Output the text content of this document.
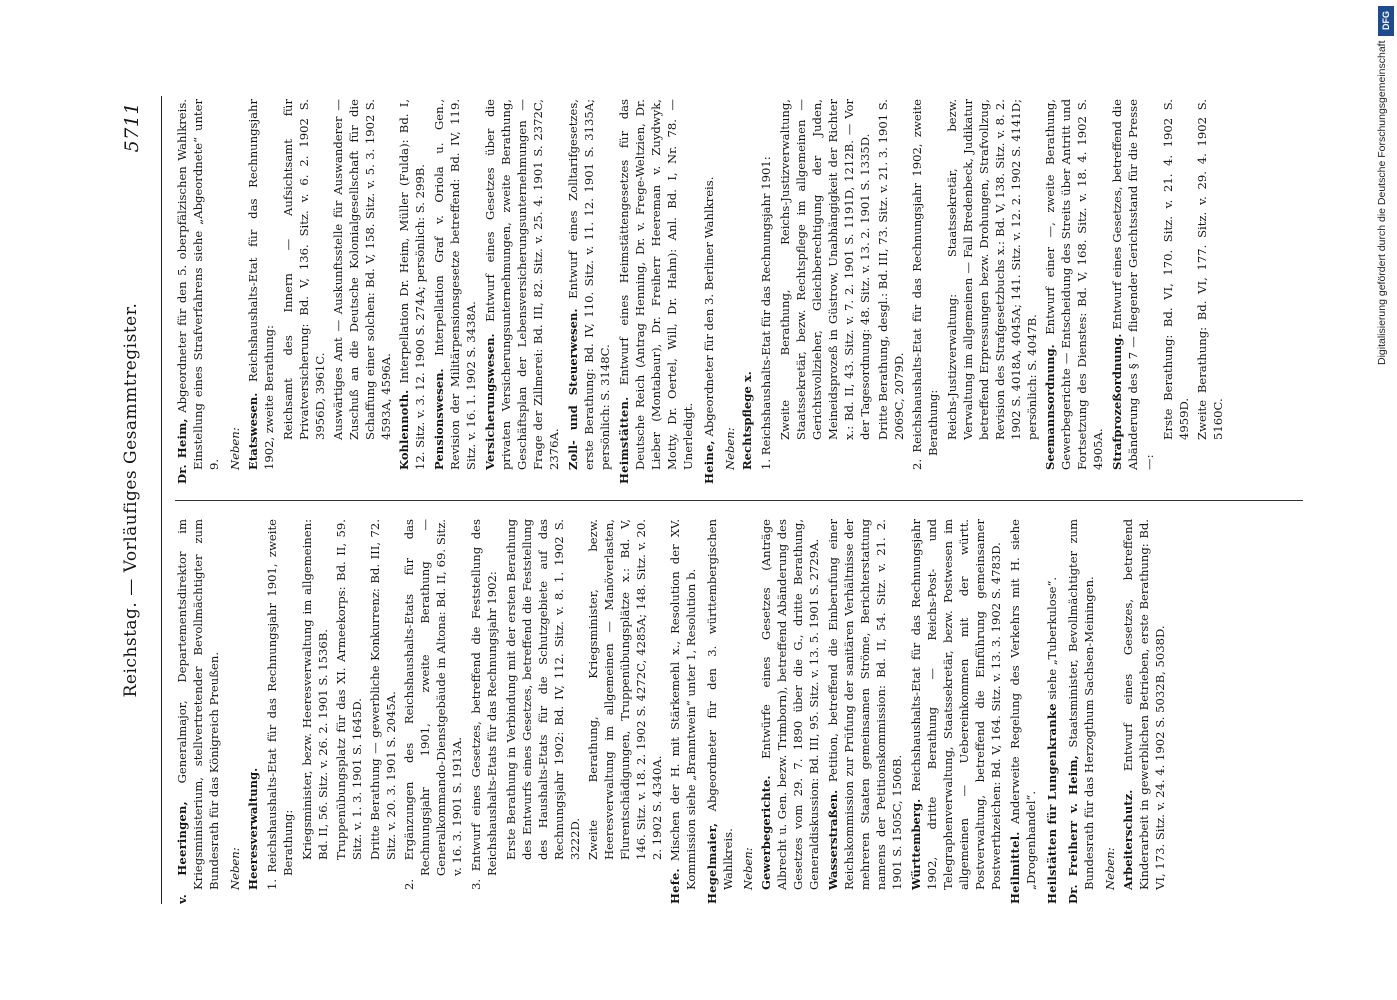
Reichstag. — Vorläufiges Gesammtregister.
5711
v. Heeringen, Generalmajor, Departementsdirektor im Kriegsministerium, stellvertretender Bevollmächtigter zum Bundesrath für das Königreich Preußen. Neben: Heeresverwaltung. 1. Reichshaushalts-Etat für das Rechnungsjahr 1901, zweite Berathung: Kriegsminister, bezw. Heeresverwaltung im allgemeinen: Bd. II, 56. Sitz. v. 26. 2. 1901 S. 1536B. Truppenübungsplatz für das XI. Armeekorps: Bd. II, 59. Sitz. v. 1. 3. 1901 S. 1645D. Dritte Berathung — gewerbliche Konkurrenz: Bd. III, 72. Sitz. v. 20. 3. 1901 S. 2045A. 2. Ergänzungen des Reichshaushalts-Etats für das Rechnungsjahr 1901, zweite Berathung — Generalkommando-Dienstgebäude in Altona: Bd. II, 69. Sitz. v. 16. 3. 1901 S. 1913A. 3. Entwurf eines Gesetzes, betreffend die Feststellung des Reichshaushalts-Etats für das Rechnungsjahr 1902: Erste Berathung in Verbindung mit der ersten Berathung des Entwurfs eines Gesetzes, betreffend die Feststellung des Haushalts-Etats für die Schutzgebiete auf das Rechnungsjahr 1902: Bd. IV, 112. Sitz. v. 8. 1. 1902 S. 3222D. Zweite Berathung, Kriegsminister, bezw. Heeresverwaltung im allgemeinen — Manöverlasten, Flurentschädigungen, Truppenübungsplätze x.: Bd. V, 146. Sitz. v. 18. 2. 1902 S. 4272C, 4285A; 148. Sitz. v. 20. 2. 1902 S. 4340A.
Hefe. Mischen der H. mit Stärkemehl x., Resolution der XV. Kommission siehe „Branntwein“ unter 1, Resolution b. Hegelmaier, Abgeordneter für den 3. württembergischen Wahlkreis. Neben: Gewerbegerichte. Entwürfe eines Gesetzes (Anträge Albrecht u. Gen. bezw. Trimborn), betreffend Abänderung des Gesetzes vom 29. 7. 1890 über die G., dritte Berathung, Generaldiskussion: Bd. III, 95. Sitz. v. 13. 5. 1901 S. 2729A. Wasserstraßen. Petition, betreffend die Einberufung einer Reichskommission zur Prüfung der sanitären Verhältnisse der mehreren Staaten gemeinsamen Ströme, Berichterstattung namens der Petitionskommission: Bd. II, 54. Sitz. v. 21. 2. 1901 S. 1505C, 1506B. Württemberg. Reichshaushalts-Etat für das Rechnungsjahr 1902, dritte Berathung — Reichs-Post- und Telegraphenverwaltung, Staatssekretär, bezw. Postwesen im allgemeinen — Uebereinkommen mit der württ. Postverwaltung, betreffend die Einführung gemeinsamer Postwerthzeichen: Bd. V, 164. Sitz. v. 13. 3. 1902 S. 4783D. Heilmittel. Anderweite Regelung des Verkehrs mit H. siehe „Drogenhandel“. Heilstätten für Lungenkranke siehe „Tuberkulose“.
Dr. Freiherr v. Heim, Staatsminister, Bevollmächtigter zum Bundesrath für das Herzogthum Sachsen-Meiningen. Neben: Arbeiterschutz. Entwurf eines Gesetzes, betreffend Kinderarbeit in gewerblichen Betrieben, erste Berathung: Bd. VI, 173. Sitz. v. 24. 4. 1902 S. 5032B, 5038D.
Dr. Heim, Abgeordneter für den 5. oberpfälzischen Wahlkreis. Einstellung eines Strafverfahrens siehe „Abgeordnete“ unter 9. Neben: Etatswesen. Reichshaushalts-Etat für das Rechnungsjahr 1902, zweite Berathung: Reichsamt des Innern — Aufsichtsamt für Privatversicherung: Bd. V, 136. Sitz. v. 6. 2. 1902 S. 3956D, 3961C. Auswärtiges Amt — Auskunftsstelle für Auswanderer — Zuschuß an die Deutsche Kolonialgesellschaft für die Schaffung einer solchen: Bd. V, 158. Sitz. v. 5. 3. 1902 S. 4593A, 4596A. Kohlennoth. Interpellation Dr. Heim, Müller (Fulda): Bd. I, 12. Sitz. v. 3. 12. 1900 S. 274A; persönlich: S. 299B. Pensionswesen. Interpellation Graf v. Oriola u. Gen., Revision der Militärpensionsgesetze betreffend: Bd. IV, 119. Sitz. v. 16. 1. 1902 S. 3438A. Versicherungswesen. Entwurf eines Gesetzes über die privaten Versicherungsunternehmungen, zweite Berathung, Geschäftsplan der Lebensversicherungsunternehmungen — Frage der Zillmerei: Bd. III, 82. Sitz. v. 25. 4. 1901 S. 2372C, 2376A. Zoll- und Steuerwesen. Entwurf eines Zolltarifgesetzes, erste Berathung: Bd. IV, 110. Sitz. v. 11. 12. 1901 S. 3135A; persönlich: S. 3148C. Heimstätten. Entwurf eines Heimstättengesetzes für das Deutsche Reich (Antrag Henning, Dr. v. Frege-Weltzien, Dr. Lieber (Montabaur), Dr. Freiherr Heereman v. Zuydwyk, Motty, Dr. Oertel, Will, Dr. Hahn): Anl. Bd. I, Nr. 78. — Unerledigt. Heine, Abgeordneter für den 3. Berliner Wahlkreis.
Neben: Rechtspflege x. 1. Reichshaushalts-Etat für das Rechnungsjahr 1901: Zweite Berathung, Reichs-Justizverwaltung, Staatssekretär, bezw. Rechtspflege im allgemeinen — Gerichtsvollzieher, Gleichberechtigung der Juden, Meineidsprozeß in Güstrow, Unabhängigkeit der Richter x.: Bd. II, 43. Sitz. v. 7. 2. 1901 S. 1191D, 1212B. — Vor der Tagesordnung: 48. Sitz. v. 13. 2. 1901 S. 1335D. Dritte Berathung, desgl.: Bd. III, 73. Sitz. v. 21. 3. 1901 S. 2069C, 2079D. 2. Reichshaushalts-Etat für das Rechnungsjahr 1902, zweite Berathung: Reichs-Justizverwaltung: Staatssekretär, bezw. Verwaltung im allgemeinen — Fall Bredenbeck, Judikatur betreffend Erpressungen bezw. Drohungen, Strafvollzug, Revision des Strafgesetzbuchs x.: Bd. V, 138. Sitz. v. 8. 2. 1902 S. 4018A, 4045A; 141. Sitz. v. 12. 2. 1902 S. 4141D; persönlich: S. 4047B. Seemannsordnung. Entwurf einer —, zweite Berathung, Gewerbegerichte — Entscheidung des Streits über Antritt und Fortsetzung des Dienstes: Bd. V, 168. Sitz. v. 18. 4. 1902 S. 4905A. Strafprozeßordnung. Entwurf eines Gesetzes, betreffend die Abänderung des § 7 — fliegender Gerichtsstand für die Presse —:
Erste Berathung: Bd. VI, 170. Sitz. v. 21. 4. 1902 S. 4959D. Zweite Berathung: Bd. VI, 177. Sitz. v. 29. 4. 1902 S. 5160C.
DFG
Digitalisierung gefördert durch die Deutsche Forschungsgemeinschaft
